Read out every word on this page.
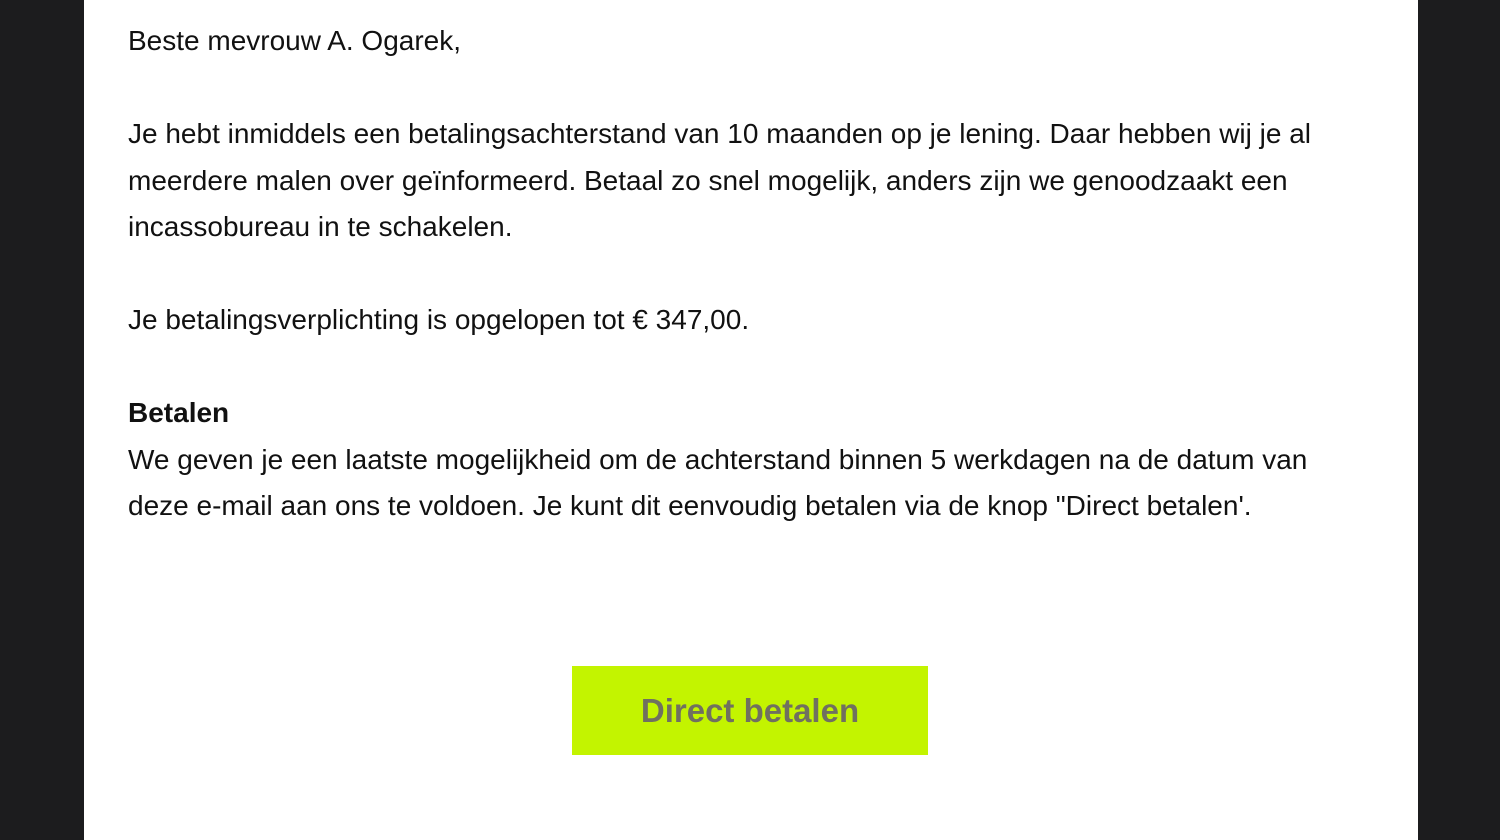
Beste mevrouw A. Ogarek,

Je hebt inmiddels een betalingsachterstand van 10 maanden op je lening. Daar hebben wij je al meerdere malen over geïnformeerd. Betaal zo snel mogelijk, anders zijn we genoodzaakt een incassobureau in te schakelen.

Je betalingsverplichting is opgelopen tot € 347,00.

Betalen

We geven je een laatste mogelijkheid om de achterstand binnen 5 werkdagen na de datum van deze e-mail aan ons te voldoen. Je kunt dit eenvoudig betalen via de knop "Direct betalen'.

Direct betalen
